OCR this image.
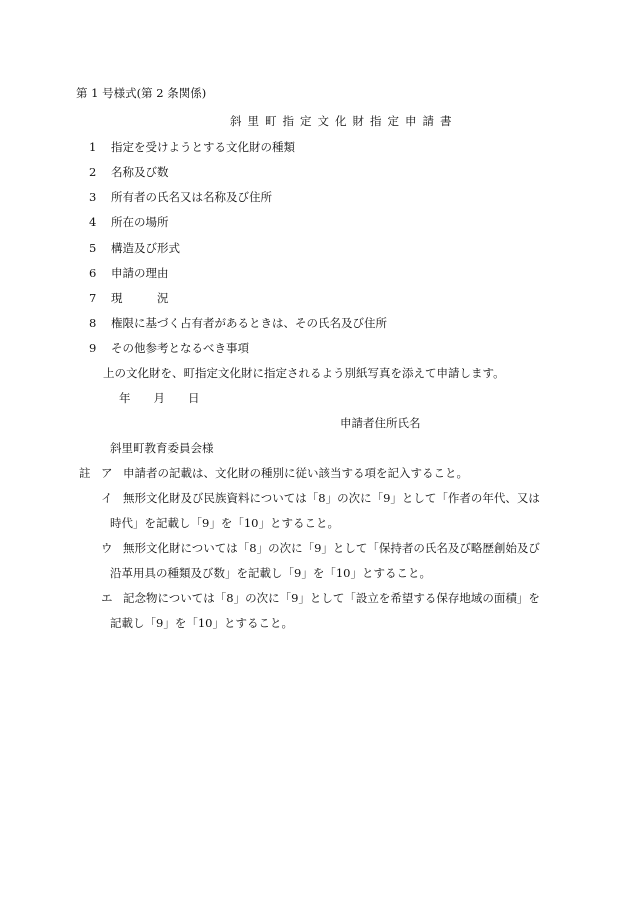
第 1 号様式(第 2 条関係)
斜里町指定文化財指定申請書
1 指定を受けようとする文化財の種類
2 名称及び数
3 所有者の氏名又は名称及び住所
4 所在の場所
5 構造及び形式
6 申請の理由
7 現　　　況
8 権限に基づく占有者があるときは、その氏名及び住所
9 その他参考となるべき事項
上の文化財を、町指定文化財に指定されるよう別紙写真を添えて申請します。
年　　月　　日
申請者住所氏名
斜里町教育委員会様
註 ア 申請者の記載は、文化財の種別に従い該当する項を記入すること。
イ 無形文化財及び民族資料については「8」の次に「9」として「作者の年代、又は
時代」を記載し「9」を「10」とすること。
ウ 無形文化財については「8」の次に「9」として「保持者の氏名及び略歴創始及び
沿革用具の種類及び数」を記載し「9」を「10」とすること。
エ 記念物については「8」の次に「9」として「設立を希望する保存地域の面積」を
記載し「9」を「10」とすること。
